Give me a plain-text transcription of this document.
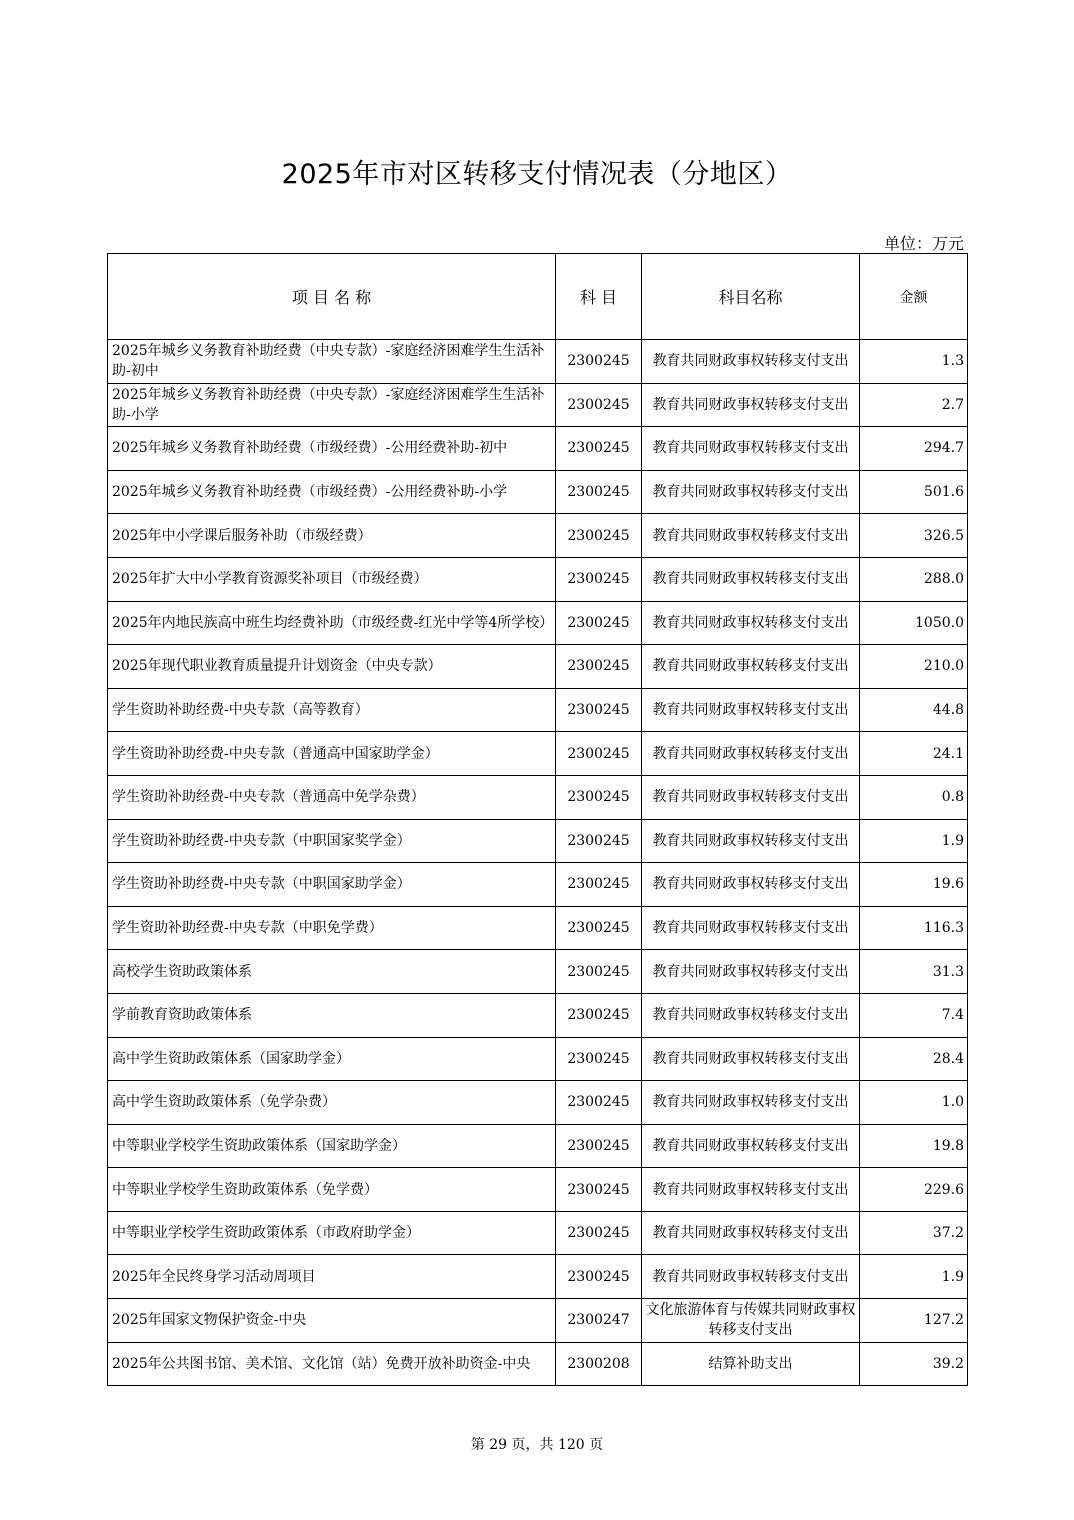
2025年市对区转移支付情况表（分地区）
单位：万元
项 目 名 称	科 目	科目名称	金额
2025年城乡义务教育补助经费（中央专款）-家庭经济困难学生生活补助-初中	2300245	教育共同财政事权转移支付支出	1.3
2025年城乡义务教育补助经费（中央专款）-家庭经济困难学生生活补助-小学	2300245	教育共同财政事权转移支付支出	2.7
2025年城乡义务教育补助经费（市级经费）-公用经费补助-初中	2300245	教育共同财政事权转移支付支出	294.7
2025年城乡义务教育补助经费（市级经费）-公用经费补助-小学	2300245	教育共同财政事权转移支付支出	501.6
2025年中小学课后服务补助（市级经费）	2300245	教育共同财政事权转移支付支出	326.5
2025年扩大中小学教育资源奖补项目（市级经费）	2300245	教育共同财政事权转移支付支出	288.0
2025年内地民族高中班生均经费补助（市级经费-红光中学等4所学校）	2300245	教育共同财政事权转移支付支出	1050.0
2025年现代职业教育质量提升计划资金（中央专款）	2300245	教育共同财政事权转移支付支出	210.0
学生资助补助经费-中央专款（高等教育）	2300245	教育共同财政事权转移支付支出	44.8
学生资助补助经费-中央专款（普通高中国家助学金）	2300245	教育共同财政事权转移支付支出	24.1
学生资助补助经费-中央专款（普通高中免学杂费）	2300245	教育共同财政事权转移支付支出	0.8
学生资助补助经费-中央专款（中职国家奖学金）	2300245	教育共同财政事权转移支付支出	1.9
学生资助补助经费-中央专款（中职国家助学金）	2300245	教育共同财政事权转移支付支出	19.6
学生资助补助经费-中央专款（中职免学费）	2300245	教育共同财政事权转移支付支出	116.3
高校学生资助政策体系	2300245	教育共同财政事权转移支付支出	31.3
学前教育资助政策体系	2300245	教育共同财政事权转移支付支出	7.4
高中学生资助政策体系（国家助学金）	2300245	教育共同财政事权转移支付支出	28.4
高中学生资助政策体系（免学杂费）	2300245	教育共同财政事权转移支付支出	1.0
中等职业学校学生资助政策体系（国家助学金）	2300245	教育共同财政事权转移支付支出	19.8
中等职业学校学生资助政策体系（免学费）	2300245	教育共同财政事权转移支付支出	229.6
中等职业学校学生资助政策体系（市政府助学金）	2300245	教育共同财政事权转移支付支出	37.2
2025年全民终身学习活动周项目	2300245	教育共同财政事权转移支付支出	1.9
2025年国家文物保护资金-中央	2300247	文化旅游体育与传媒共同财政事权转移支付支出	127.2
2025年公共图书馆、美术馆、文化馆（站）免费开放补助资金-中央	2300208	结算补助支出	39.2
第 29 页，共 120 页
